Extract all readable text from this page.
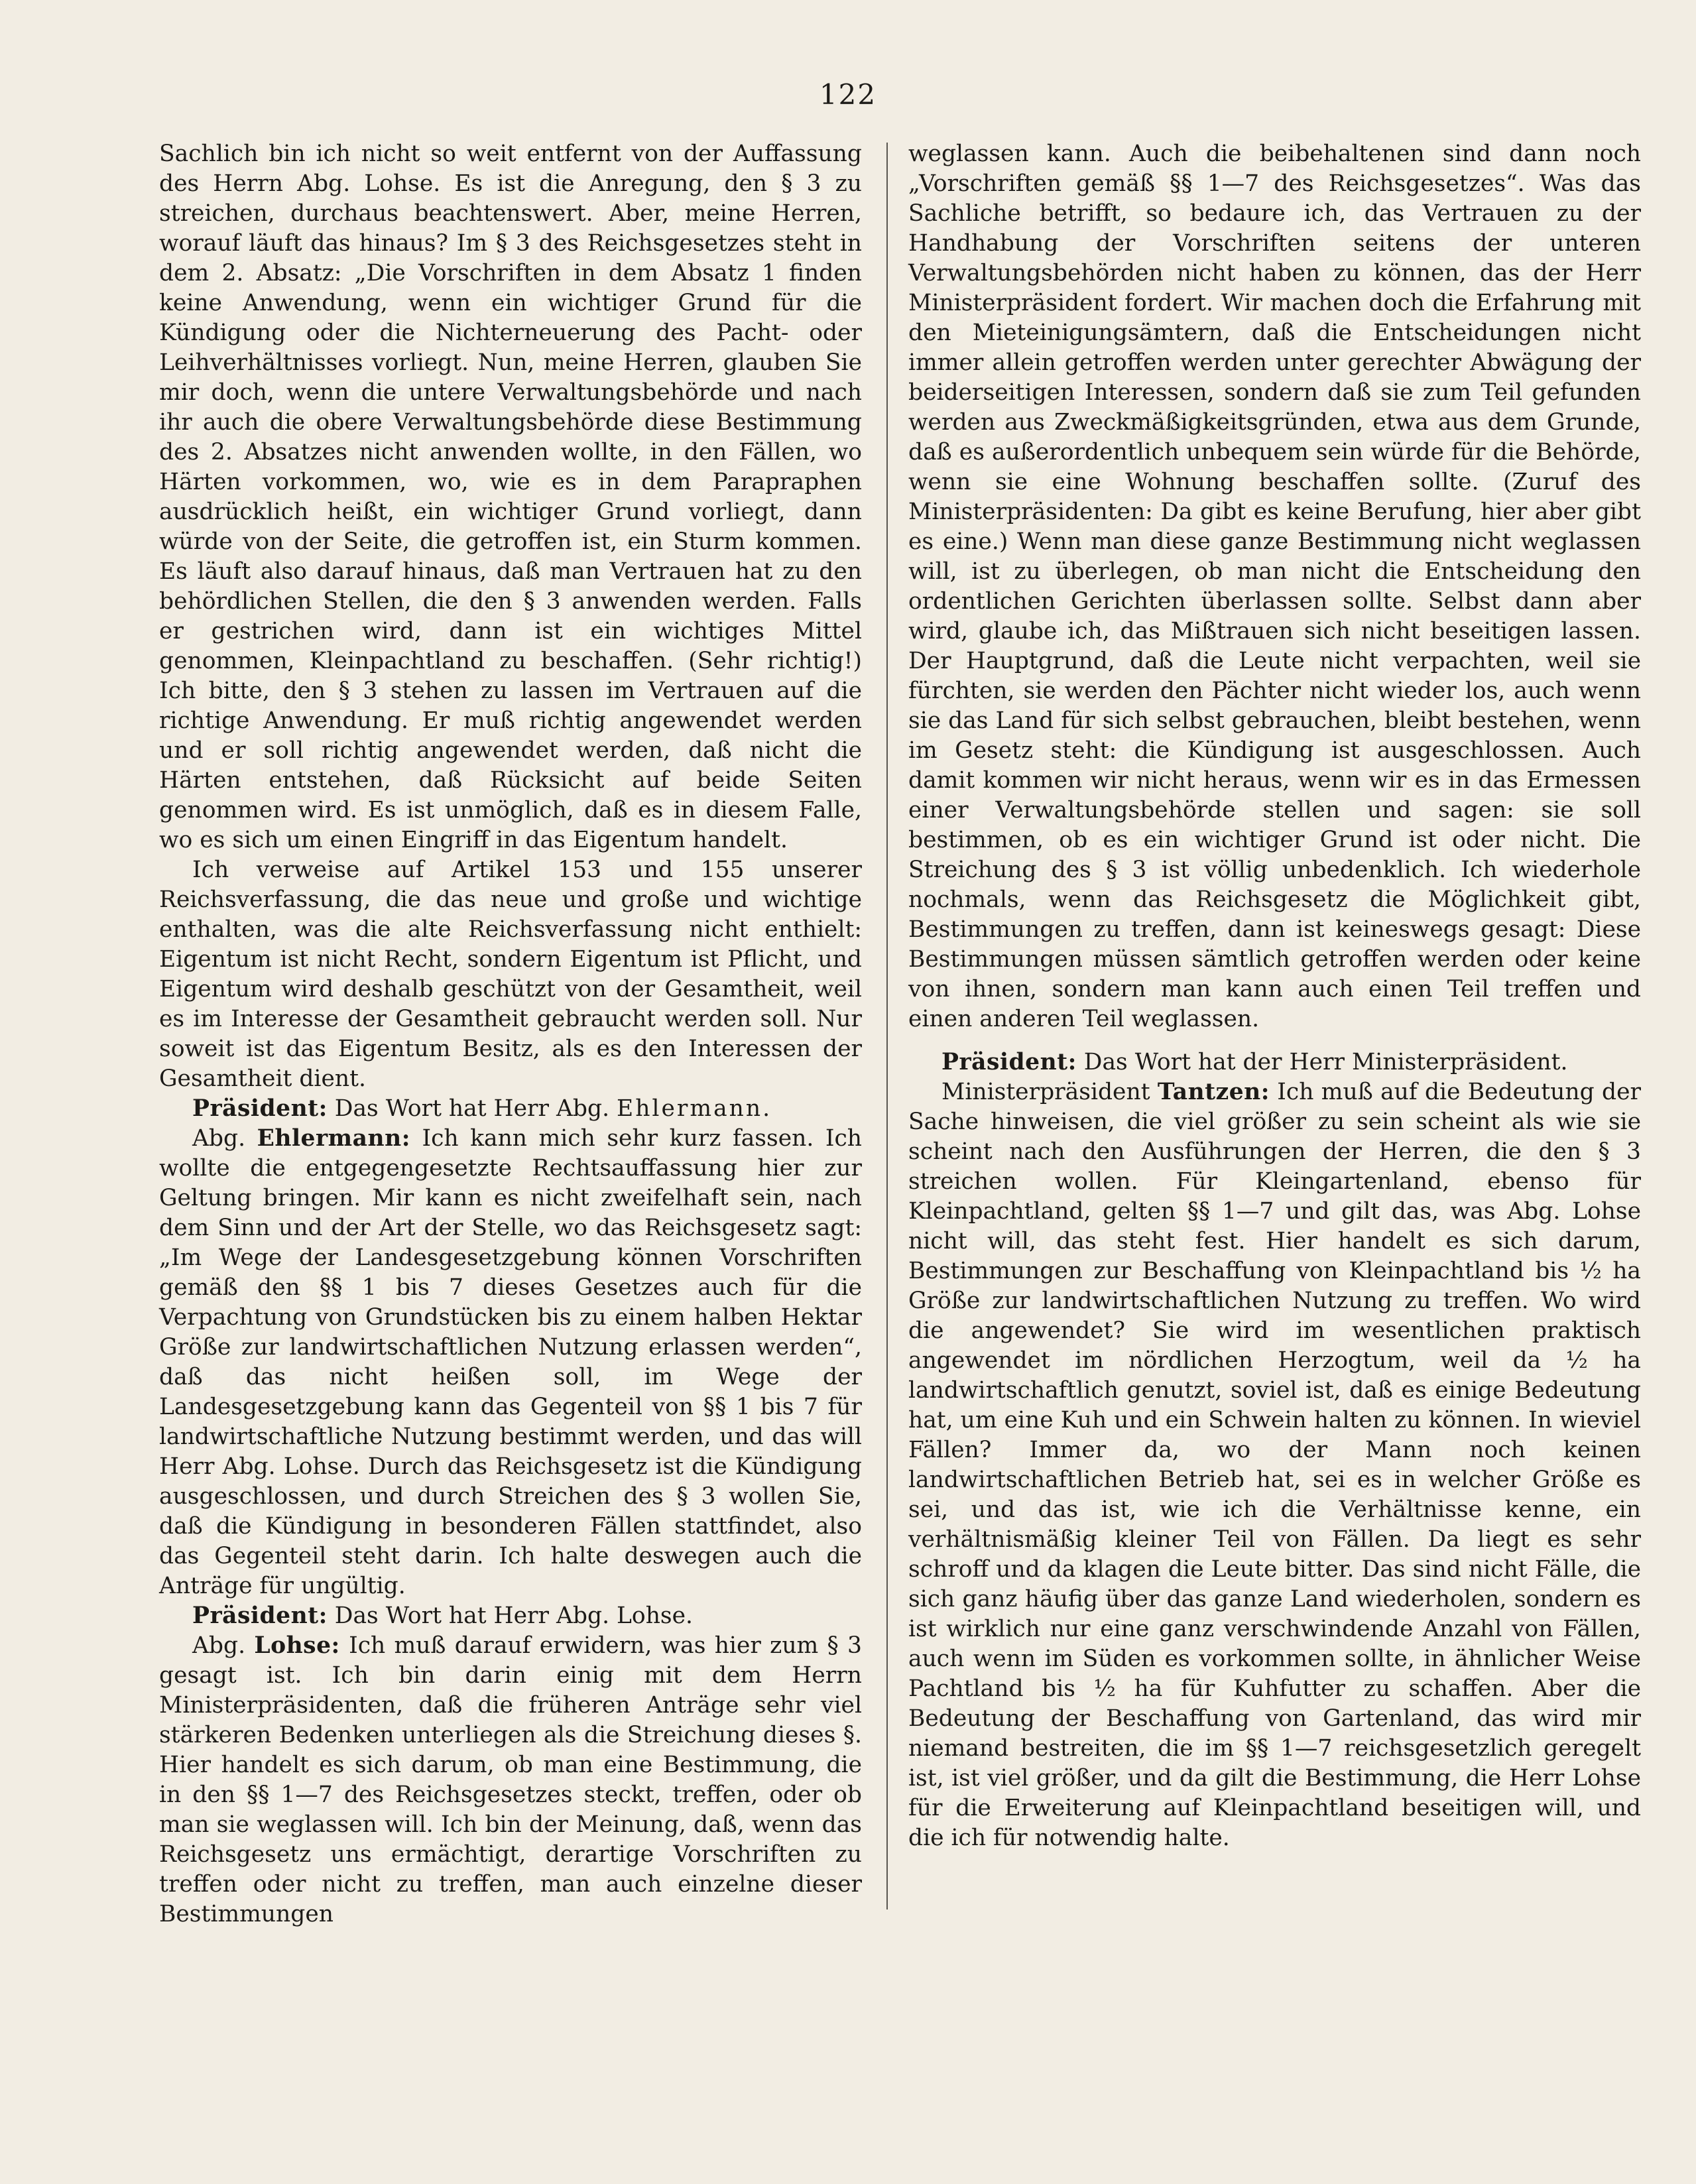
122

Sachlich bin ich nicht so weit entfernt von der Auffassung des Herrn Abg. Lohse. Es ist die Anregung, den § 3 zu streichen, durchaus beachtenswert. Aber, meine Herren, worauf läuft das hinaus? Im § 3 des Reichsgesetzes steht in dem 2. Absatz: „Die Vorschriften in dem Absatz 1 finden keine Anwendung, wenn ein wichtiger Grund für die Kündigung oder die Nichterneuerung des Pacht- oder Leihverhältnisses vorliegt. Nun, meine Herren, glauben Sie mir doch, wenn die untere Verwaltungsbehörde und nach ihr auch die obere Verwaltungsbehörde diese Bestimmung des 2. Absatzes nicht anwenden wollte, in den Fällen, wo Härten vorkommen, wo, wie es in dem Parapraphen ausdrücklich heißt, ein wichtiger Grund vorliegt, dann würde von der Seite, die getroffen ist, ein Sturm kommen. Es läuft also darauf hinaus, daß man Vertrauen hat zu den behördlichen Stellen, die den § 3 anwenden werden. Falls er gestrichen wird, dann ist ein wichtiges Mittel genommen, Kleinpachtland zu beschaffen. (Sehr richtig!) Ich bitte, den § 3 stehen zu lassen im Vertrauen auf die richtige Anwendung. Er muß richtig angewendet werden und er soll richtig angewendet werden, daß nicht die Härten entstehen, daß Rücksicht auf beide Seiten genommen wird. Es ist unmöglich, daß es in diesem Falle, wo es sich um einen Eingriff in das Eigentum handelt.

Ich verweise auf Artikel 153 und 155 unserer Reichsverfassung, die das neue und große und wichtige enthalten, was die alte Reichsverfassung nicht enthielt: Eigentum ist nicht Recht, sondern Eigentum ist Pflicht, und Eigentum wird deshalb geschützt von der Gesamtheit, weil es im Interesse der Gesamtheit gebraucht werden soll. Nur soweit ist das Eigentum Besitz, als es den Interessen der Gesamtheit dient.

Präsident: Das Wort hat Herr Abg. Ehlermann.

Abg. Ehlermann: Ich kann mich sehr kurz fassen. Ich wollte die entgegengesetzte Rechtsauffassung hier zur Geltung bringen. Mir kann es nicht zweifelhaft sein, nach dem Sinn und der Art der Stelle, wo das Reichsgesetz sagt: „Im Wege der Landesgesetzgebung können Vorschriften gemäß den §§ 1 bis 7 dieses Gesetzes auch für die Verpachtung von Grundstücken bis zu einem halben Hektar Größe zur landwirtschaftlichen Nutzung erlassen werden“, daß das nicht heißen soll, im Wege der Landesgesetzgebung kann das Gegenteil von §§ 1 bis 7 für landwirtschaftliche Nutzung bestimmt werden, und das will Herr Abg. Lohse. Durch das Reichsgesetz ist die Kündigung ausgeschlossen, und durch Streichen des § 3 wollen Sie, daß die Kündigung in besonderen Fällen stattfindet, also das Gegenteil steht darin. Ich halte deswegen auch die Anträge für ungültig.

Präsident: Das Wort hat Herr Abg. Lohse.

Abg. Lohse: Ich muß darauf erwidern, was hier zum § 3 gesagt ist. Ich bin darin einig mit dem Herrn Ministerpräsidenten, daß die früheren Anträge sehr viel stärkeren Bedenken unterliegen als die Streichung dieses §. Hier handelt es sich darum, ob man eine Bestimmung, die in den §§ 1—7 des Reichsgesetzes steckt, treffen, oder ob man sie weglassen will. Ich bin der Meinung, daß, wenn das Reichsgesetz uns ermächtigt, derartige Vorschriften zu treffen oder nicht zu treffen, man auch einzelne dieser Bestimmungen

weglassen kann. Auch die beibehaltenen sind dann noch „Vorschriften gemäß §§ 1—7 des Reichsgesetzes“. Was das Sachliche betrifft, so bedaure ich, das Vertrauen zu der Handhabung der Vorschriften seitens der unteren Verwaltungsbehörden nicht haben zu können, das der Herr Ministerpräsident fordert. Wir machen doch die Erfahrung mit den Mieteinigungsämtern, daß die Entscheidungen nicht immer allein getroffen werden unter gerechter Abwägung der beiderseitigen Interessen, sondern daß sie zum Teil gefunden werden aus Zweckmäßigkeitsgründen, etwa aus dem Grunde, daß es außerordentlich unbequem sein würde für die Behörde, wenn sie eine Wohnung beschaffen sollte. (Zuruf des Ministerpräsidenten: Da gibt es keine Berufung, hier aber gibt es eine.) Wenn man diese ganze Bestimmung nicht weglassen will, ist zu überlegen, ob man nicht die Entscheidung den ordentlichen Gerichten überlassen sollte. Selbst dann aber wird, glaube ich, das Mißtrauen sich nicht beseitigen lassen. Der Hauptgrund, daß die Leute nicht verpachten, weil sie fürchten, sie werden den Pächter nicht wieder los, auch wenn sie das Land für sich selbst gebrauchen, bleibt bestehen, wenn im Gesetz steht: die Kündigung ist ausgeschlossen. Auch damit kommen wir nicht heraus, wenn wir es in das Ermessen einer Verwaltungsbehörde stellen und sagen: sie soll bestimmen, ob es ein wichtiger Grund ist oder nicht. Die Streichung des § 3 ist völlig unbedenklich. Ich wiederhole nochmals, wenn das Reichsgesetz die Möglichkeit gibt, Bestimmungen zu treffen, dann ist keineswegs gesagt: Diese Bestimmungen müssen sämtlich getroffen werden oder keine von ihnen, sondern man kann auch einen Teil treffen und einen anderen Teil weglassen.

Präsident: Das Wort hat der Herr Ministerpräsident.

Ministerpräsident Tantzen: Ich muß auf die Bedeutung der Sache hinweisen, die viel größer zu sein scheint als wie sie scheint nach den Ausführungen der Herren, die den § 3 streichen wollen. Für Kleingartenland, ebenso für Kleinpachtland, gelten §§ 1—7 und gilt das, was Abg. Lohse nicht will, das steht fest. Hier handelt es sich darum, Bestimmungen zur Beschaffung von Kleinpachtland bis ½ ha Größe zur landwirtschaftlichen Nutzung zu treffen. Wo wird die angewendet? Sie wird im wesentlichen praktisch angewendet im nördlichen Herzogtum, weil da ½ ha landwirtschaftlich genutzt, soviel ist, daß es einige Bedeutung hat, um eine Kuh und ein Schwein halten zu können. In wieviel Fällen? Immer da, wo der Mann noch keinen landwirtschaftlichen Betrieb hat, sei es in welcher Größe es sei, und das ist, wie ich die Verhältnisse kenne, ein verhältnismäßig kleiner Teil von Fällen. Da liegt es sehr schroff und da klagen die Leute bitter. Das sind nicht Fälle, die sich ganz häufig über das ganze Land wiederholen, sondern es ist wirklich nur eine ganz verschwindende Anzahl von Fällen, auch wenn im Süden es vorkommen sollte, in ähnlicher Weise Pachtland bis ½ ha für Kuhfutter zu schaffen. Aber die Bedeutung der Beschaffung von Gartenland, das wird mir niemand bestreiten, die im §§ 1—7 reichsgesetzlich geregelt ist, ist viel größer, und da gilt die Bestimmung, die Herr Lohse für die Erweiterung auf Kleinpachtland beseitigen will, und die ich für notwendig halte.
